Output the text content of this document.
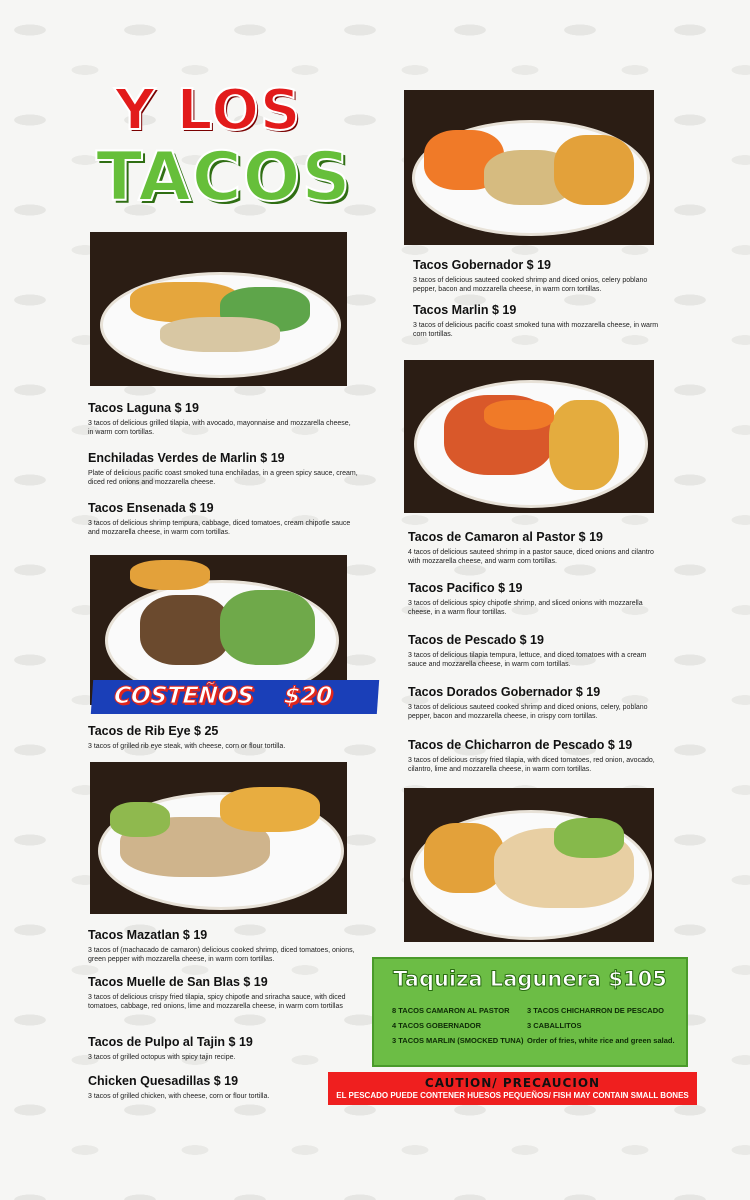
Y LOS
TACOS
COSTEÑOS $20
Tacos Laguna $ 19
3 tacos of delicious grilled tilapia, with avocado, mayonnaise and mozzarella cheese, in warm corn tortillas.
Enchiladas Verdes de Marlin $ 19
Plate of delicious pacific coast smoked tuna enchiladas, in a green spicy sauce, cream, diced red onions and mozzarella cheese.
Tacos Ensenada $ 19
3 tacos of delicious shrimp tempura, cabbage, diced tomatoes, cream chipotle sauce and mozzarella cheese, in warm corn tortillas.
Tacos de Rib Eye $ 25
3 tacos of grilled rib eye steak, with cheese, corn or flour tortilla.
Tacos Mazatlan $ 19
3 tacos of (machacado de camaron) delicious cooked shrimp, diced tomatoes, onions, green pepper with mozzarella cheese, in warm corn tortillas.
Tacos Muelle de San Blas $ 19
3 tacos of delicious crispy fried tilapia, spicy chipotle and sriracha sauce, with diced tomatoes, cabbage, red onions, lime and mozzarella cheese, in warm corn tortillas
Tacos de Pulpo al Tajin $ 19
3 tacos of grilled octopus with spicy tajin recipe.
Chicken Quesadillas $ 19
3 tacos of grilled chicken, with cheese, corn or flour tortilla.
Tacos Gobernador $ 19
3 tacos of delicious sauteed cooked shrimp and diced onios, celery poblano pepper, bacon and mozzarella cheese, in warm corn tortillas.
Tacos Marlin $ 19
3 tacos of delicious pacific coast smoked tuna with mozzarella cheese, in warm corn tortillas.
Tacos de Camaron al Pastor $ 19
4 tacos of delicious sauteed shrimp in a pastor sauce, diced onions and cilantro with mozzarella cheese, and warm corn tortillas.
Tacos Pacifico $ 19
3 tacos of delicious spicy chipotle shrimp, and sliced onions with mozzarella cheese, in a warm flour tortillas.
Tacos de Pescado $ 19
3 tacos of delicious tilapia tempura, lettuce, and diced tomatoes with a cream sauce and mozzarella cheese, in warm corn tortillas.
Tacos Dorados Gobernador $ 19
3 tacos of delicious sauteed cooked shrimp and diced onions, celery, poblano pepper, bacon and mozzarella cheese, in crispy corn tortillas.
Tacos de Chicharron de Pescado $ 19
3 tacos of delicious crispy fried tilapia, with diced tomatoes, red onion, avocado, cilantro, lime and mozzarella cheese, in warm corn tortillas.
Taquiza Lagunera $105
8 TACOS CAMARON AL PASTOR
4 TACOS GOBERNADOR
3 TACOS MARLIN (SMOCKED TUNA)
3 TACOS CHICHARRON DE PESCADO
3 CABALLITOS
Order of fries, white rice and green salad.
CAUTION/ PRECAUCION
EL PESCADO PUEDE CONTENER HUESOS PEQUEÑOS/ FISH MAY CONTAIN SMALL BONES
